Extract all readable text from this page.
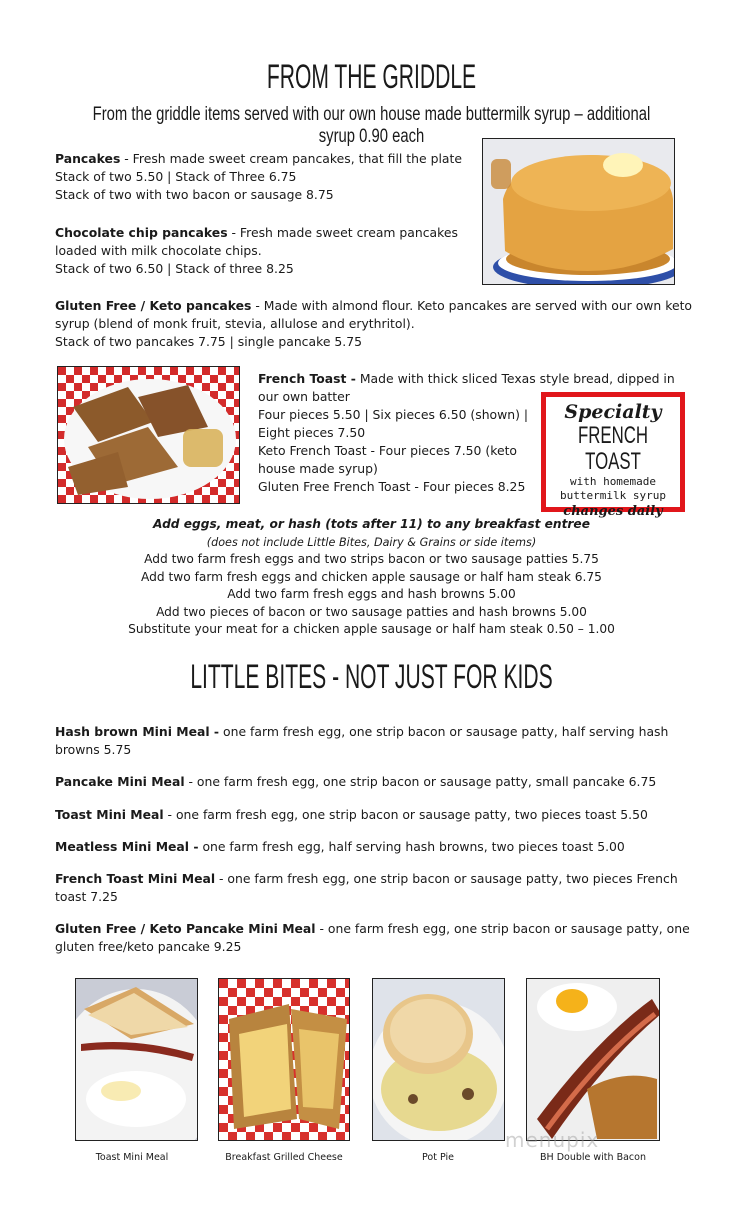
FROM THE GRIDDLE
From the griddle items served with our own house made buttermilk syrup – additional syrup 0.90 each
Pancakes - Fresh made sweet cream pancakes, that fill the plate
Stack of two 5.50 | Stack of Three 6.75
Stack of two with two bacon or sausage 8.75
Chocolate chip pancakes - Fresh made sweet cream pancakes
loaded with milk chocolate chips.
Stack of two 6.50 | Stack of three 8.25
Gluten Free / Keto pancakes - Made with almond flour. Keto pancakes are served with our own keto
syrup (blend of monk fruit, stevia, allulose and erythritol).
Stack of two pancakes 7.75 | single pancake 5.75
French Toast - Made with thick sliced Texas style bread, dipped in
our own batter
Four pieces 5.50 | Six pieces 6.50 (shown) |
Eight pieces 7.50
Keto French Toast - Four pieces 7.50 (keto
house made syrup)
Gluten Free French Toast - Four pieces 8.25
Specialty
FRENCH TOAST
with homemade
buttermilk syrup
changes daily
Add eggs, meat, or hash (tots after 11) to any breakfast entree
(does not include Little Bites, Dairy & Grains or side items)
Add two farm fresh eggs and two strips bacon or two sausage patties 5.75
Add two farm fresh eggs and chicken apple sausage or half ham steak 6.75
Add two farm fresh eggs and hash browns 5.00
Add two pieces of bacon or two sausage patties and hash browns 5.00
Substitute your meat for a chicken apple sausage or half ham steak 0.50 – 1.00
LITTLE BITES - NOT JUST FOR KIDS
Hash brown Mini Meal - one farm fresh egg, one strip bacon or sausage patty, half serving hash
browns 5.75
Pancake Mini Meal - one farm fresh egg, one strip bacon or sausage patty, small pancake 6.75
Toast Mini Meal - one farm fresh egg, one strip bacon or sausage patty, two pieces toast 5.50
Meatless Mini Meal - one farm fresh egg, half serving hash browns, two pieces toast 5.00
French Toast Mini Meal - one farm fresh egg, one strip bacon or sausage patty, two pieces French
toast 7.25
Gluten Free / Keto Pancake Mini Meal - one farm fresh egg, one strip bacon or sausage patty, one
gluten free/keto pancake 9.25
Toast Mini Meal	Breakfast Grilled Cheese	Pot Pie	BH Double with Bacon
menupix
